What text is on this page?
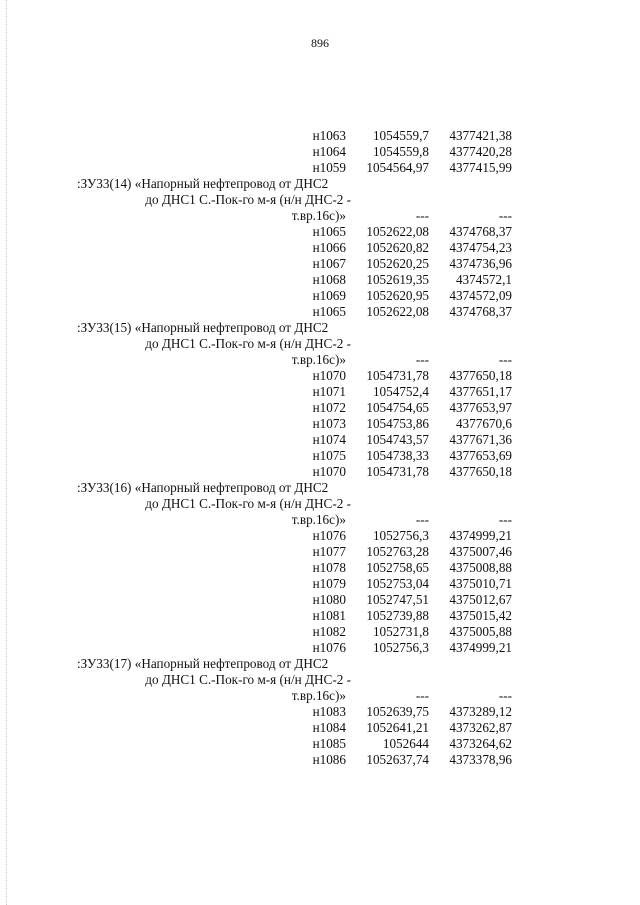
896
н1063	1054559,7	4377421,38
н1064	1054559,8	4377420,28
н1059	1054564,97	4377415,99
:ЗУ33(14) «Напорный нефтепровод от ДНС2
до ДНС1 С.-Пок-го м-я (н/н ДНС-2 -
т.вр.16с)»	---	---
н1065	1052622,08	4374768,37
н1066	1052620,82	4374754,23
н1067	1052620,25	4374736,96
н1068	1052619,35	4374572,1
н1069	1052620,95	4374572,09
н1065	1052622,08	4374768,37
:ЗУ33(15) «Напорный нефтепровод от ДНС2
до ДНС1 С.-Пок-го м-я (н/н ДНС-2 -
т.вр.16с)»	---	---
н1070	1054731,78	4377650,18
н1071	1054752,4	4377651,17
н1072	1054754,65	4377653,97
н1073	1054753,86	4377670,6
н1074	1054743,57	4377671,36
н1075	1054738,33	4377653,69
н1070	1054731,78	4377650,18
:ЗУ33(16) «Напорный нефтепровод от ДНС2
до ДНС1 С.-Пок-го м-я (н/н ДНС-2 -
т.вр.16с)»	---	---
н1076	1052756,3	4374999,21
н1077	1052763,28	4375007,46
н1078	1052758,65	4375008,88
н1079	1052753,04	4375010,71
н1080	1052747,51	4375012,67
н1081	1052739,88	4375015,42
н1082	1052731,8	4375005,88
н1076	1052756,3	4374999,21
:ЗУ33(17) «Напорный нефтепровод от ДНС2
до ДНС1 С.-Пок-го м-я (н/н ДНС-2 -
т.вр.16с)»	---	---
н1083	1052639,75	4373289,12
н1084	1052641,21	4373262,87
н1085	1052644	4373264,62
н1086	1052637,74	4373378,96
